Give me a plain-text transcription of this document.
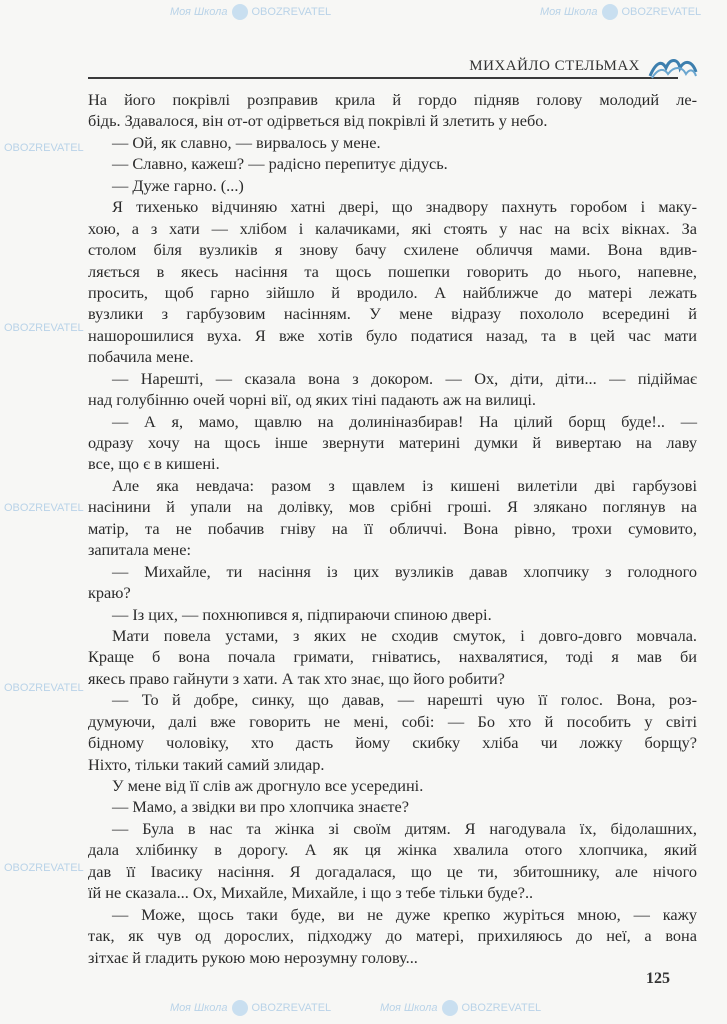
Моя Школа OBOZREVATEL	Моя Школа OBOZREVATEL
Моя Школа OBOZREVATEL	Моя Школа OBOZREVATEL
OBOZREVATEL
OBOZREVATEL
OBOZREVATEL
OBOZREVATEL
OBOZREVATEL
МИХАЙЛО СТЕЛЬМАХ
На його покрівлі розправив крила й гордо підняв голову молодий ле-
бідь. Здавалося, він от-от одірветься від покрівлі й злетить у небо.
— Ой, як славно, — вирвалось у мене.
— Славно, кажеш? — радісно перепитує дідусь.
— Дуже гарно. (...)
Я тихенько відчиняю хатні двері, що знадвору пахнуть горобом і маку-
хою, а з хати — хлібом і калачиками, які стоять у нас на всіх вікнах. За
столом біля вузликів я знову бачу схилене обличчя мами. Вона вдив-
ляється в якесь насіння та щось пошепки говорить до нього, напевне,
просить, щоб гарно зійшло й вродило. А найближче до матері лежать
вузлики з гарбузовим насінням. У мене відразу похололо всередині й
нашорошилися вуха. Я вже хотів було податися назад, та в цей час мати
побачила мене.
— Нарешті, — сказала вона з докором. — Ох, діти, діти... — підіймає
над голубінню очей чорні вії, од яких тіні падають аж на вилиці.
— А я, мамо, щавлю на долиніназбирав! На цілий борщ буде!.. —
одразу хочу на щось інше звернути материні думки й вивертаю на лаву
все, що є в кишені.
Але яка невдача: разом з щавлем із кишені вилетіли дві гарбузові
насінини й упали на долівку, мов срібні гроші. Я злякано поглянув на
матір, та не побачив гніву на її обличчі. Вона рівно, трохи сумовито,
запитала мене:
— Михайле, ти насіння із цих вузликів давав хлопчику з голодного
краю?
— Із цих, — похнюпився я, підпираючи спиною двері.
Мати повела устами, з яких не сходив смуток, і довго-довго мовчала.
Краще б вона почала гримати, гніватись, нахвалятися, тоді я мав би
якесь право гайнути з хати. А так хто знає, що його робити?
— То й добре, синку, що давав, — нарешті чую її голос. Вона, роз-
думуючи, далі вже говорить не мені, собі: — Бо хто й пособить у світі
бідному чоловіку, хто дасть йому скибку хліба чи ложку борщу?
Ніхто, тільки такий самий злидар.
У мене від її слів аж дрогнуло все усередині.
— Мамо, а звідки ви про хлопчика знаєте?
— Була в нас та жінка зі своїм дитям. Я нагодувала їх, бідолашних,
дала хлібинку в дорогу. А як ця жінка хвалила отого хлопчика, який
дав її Івасику насіння. Я догадалася, що це ти, збитошнику, але нічого
їй не сказала... Ох, Михайле, Михайле, і що з тебе тільки буде?..
— Може, щось таки буде, ви не дуже крепко журіться мною, — кажу
так, як чув од дорослих, підходжу до матері, прихиляюсь до неї, а вона
зітхає й гладить рукою мою нерозумну голову...
125
